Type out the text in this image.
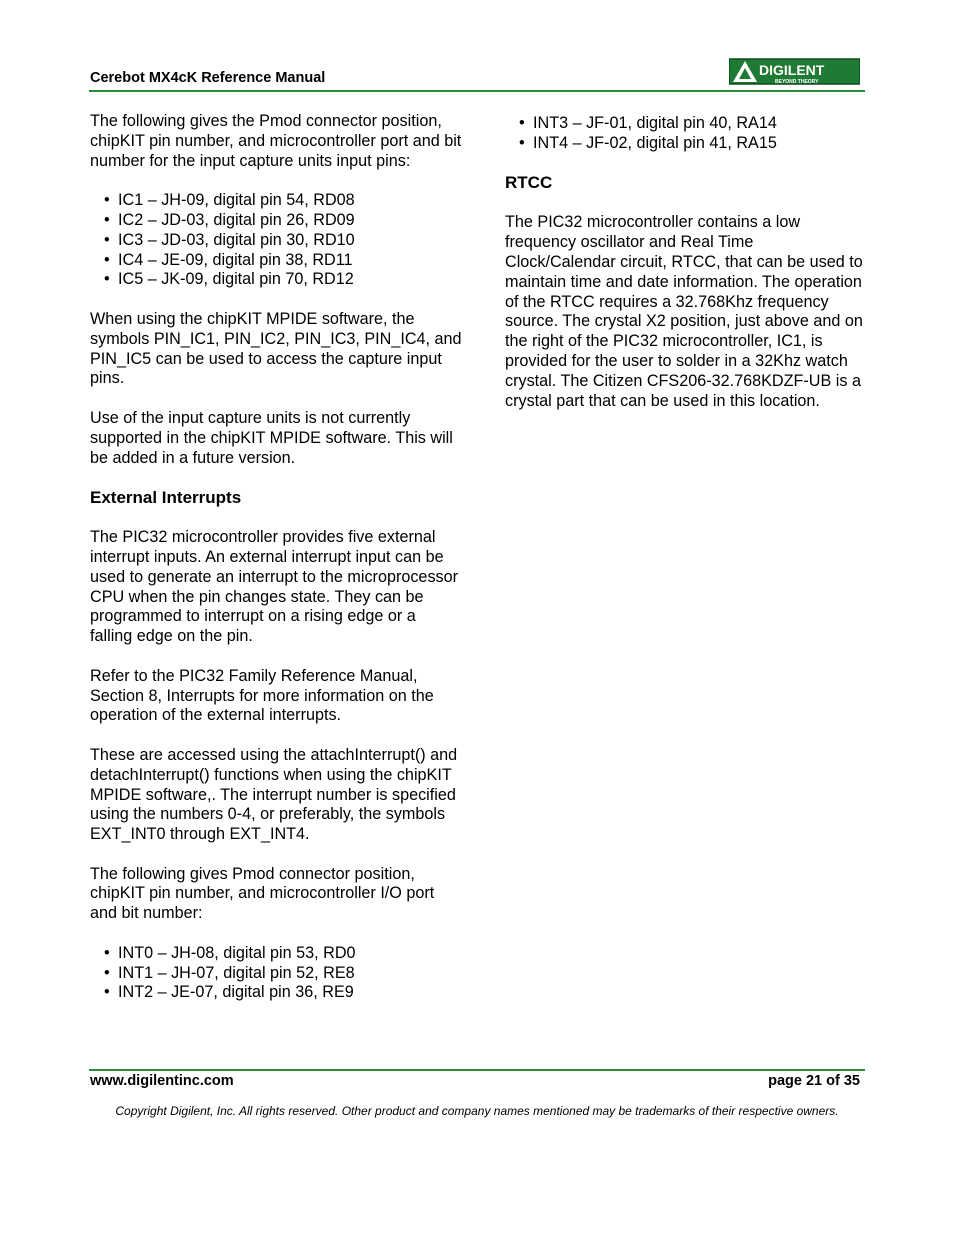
Cerebot MX4cK Reference Manual	DIGILENT
BEYOND THEORY

The following gives the Pmod connector position, chipKIT pin number, and microcontroller port and bit number for the input capture units input pins:

• IC1 – JH-09, digital pin 54, RD08
• IC2 – JD-03, digital pin 26, RD09
• IC3 – JD-03, digital pin 30, RD10
• IC4 – JE-09, digital pin 38, RD11
• IC5 – JK-09, digital pin 70, RD12

When using the chipKIT MPIDE software, the symbols PIN_IC1, PIN_IC2, PIN_IC3, PIN_IC4, and PIN_IC5 can be used to access the capture input pins.

Use of the input capture units is not currently supported in the chipKIT MPIDE software. This will be added in a future version.

External Interrupts

The PIC32 microcontroller provides five external interrupt inputs. An external interrupt input can be used to generate an interrupt to the microprocessor CPU when the pin changes state. They can be programmed to interrupt on a rising edge or a falling edge on the pin.

Refer to the PIC32 Family Reference Manual, Section 8, Interrupts for more information on the operation of the external interrupts.

These are accessed using the attachInterrupt() and detachInterrupt() functions when using the chipKIT MPIDE software,. The interrupt number is specified using the numbers 0-4, or preferably, the symbols EXT_INT0 through EXT_INT4.

The following gives Pmod connector position, chipKIT pin number, and microcontroller I/O port and bit number:

• INT0 – JH-08, digital pin 53, RD0
• INT1 – JH-07, digital pin 52, RE8
• INT2 – JE-07, digital pin 36, RE9
• INT3 – JF-01, digital pin 40, RA14
• INT4 – JF-02, digital pin 41, RA15
RTCC

The PIC32 microcontroller contains a low frequency oscillator and Real Time Clock/Calendar circuit, RTCC, that can be used to maintain time and date information. The operation of the RTCC requires a 32.768Khz frequency source. The crystal X2 position, just above and on the right of the PIC32 microcontroller, IC1, is provided for the user to solder in a 32Khz watch crystal. The Citizen CFS206-32.768KDZF-UB is a crystal part that can be used in this location.

www.digilentinc.com	page 21 of 35
Copyright Digilent, Inc. All rights reserved. Other product and company names mentioned may be trademarks of their respective owners.
